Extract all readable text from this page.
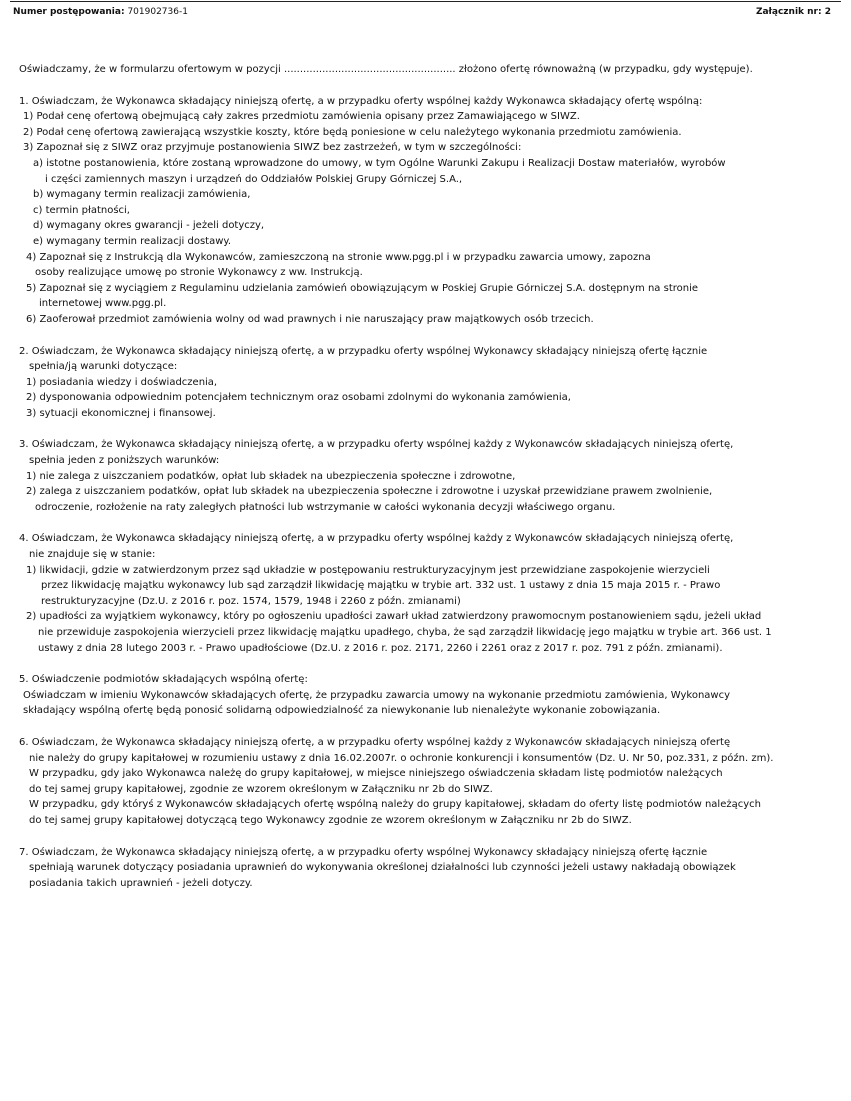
Numer postępowania: 701902736-1	Załącznik nr: 2
Oświadczamy, że w formularzu ofertowym w pozycji ...................................................... złożono ofertę równoważną (w przypadku, gdy występuje).
1. Oświadczam, że Wykonawca składający niniejszą ofertę, a w przypadku oferty wspólnej każdy Wykonawca składający ofertę wspólną:
1) Podał cenę ofertową obejmującą cały zakres przedmiotu zamówienia opisany przez Zamawiającego w SIWZ.
2) Podał cenę ofertową zawierającą wszystkie koszty, które będą poniesione w celu należytego wykonania przedmiotu zamówienia.
3) Zapoznał się z SIWZ oraz przyjmuje postanowienia SIWZ bez zastrzeżeń, w tym w szczególności:
a) istotne postanowienia, które zostaną wprowadzone do umowy, w tym Ogólne Warunki Zakupu i Realizacji Dostaw materiałów, wyrobów
i części zamiennych maszyn i urządzeń do Oddziałów Polskiej Grupy Górniczej S.A.,
b) wymagany termin realizacji zamówienia,
c) termin płatności,
d) wymagany okres gwarancji - jeżeli dotyczy,
e) wymagany termin realizacji dostawy.
4) Zapoznał się z Instrukcją dla Wykonawców, zamieszczoną na stronie www.pgg.pl i w przypadku zawarcia umowy, zapozna
osoby realizujące umowę po stronie Wykonawcy z ww. Instrukcją.
5) Zapoznał się z wyciągiem z Regulaminu udzielania zamówień obowiązującym w Poskiej Grupie Górniczej S.A. dostępnym na stronie
internetowej www.pgg.pl.
6) Zaoferował przedmiot zamówienia wolny od wad prawnych i nie naruszający praw majątkowych osób trzecich.
2. Oświadczam, że Wykonawca składający niniejszą ofertę, a w przypadku oferty wspólnej Wykonawcy składający niniejszą ofertę łącznie
spełnia/ją warunki dotyczące:
1) posiadania wiedzy i doświadczenia,
2) dysponowania odpowiednim potencjałem technicznym oraz osobami zdolnymi do wykonania zamówienia,
3) sytuacji ekonomicznej i finansowej.
3. Oświadczam, że Wykonawca składający niniejszą ofertę, a w przypadku oferty wspólnej każdy z Wykonawców składających niniejszą ofertę,
spełnia jeden z poniższych warunków:
1) nie zalega z uiszczaniem podatków, opłat lub składek na ubezpieczenia społeczne i zdrowotne,
2) zalega z uiszczaniem podatków, opłat lub składek na ubezpieczenia społeczne i zdrowotne i uzyskał przewidziane prawem zwolnienie,
odroczenie, rozłożenie na raty zaległych płatności lub wstrzymanie w całości wykonania decyzji właściwego organu.
4. Oświadczam, że Wykonawca składający niniejszą ofertę, a w przypadku oferty wspólnej każdy z Wykonawców składających niniejszą ofertę,
nie znajduje się w stanie:
1) likwidacji, gdzie w zatwierdzonym przez sąd układzie w postępowaniu restrukturyzacyjnym jest przewidziane zaspokojenie wierzycieli
przez likwidację majątku wykonawcy lub sąd zarządził likwidację majątku w trybie art. 332 ust. 1 ustawy z dnia 15 maja 2015 r. - Prawo
restrukturyzacyjne (Dz.U. z 2016 r. poz. 1574, 1579, 1948 i 2260 z późn. zmianami)
2) upadłości za wyjątkiem wykonawcy, który po ogłoszeniu upadłości zawarł układ zatwierdzony prawomocnym postanowieniem sądu, jeżeli układ
nie przewiduje zaspokojenia wierzycieli przez likwidację majątku upadłego, chyba, że sąd zarządził likwidację jego majątku w trybie art. 366 ust. 1
ustawy z dnia 28 lutego 2003 r. - Prawo upadłościowe (Dz.U. z 2016 r. poz. 2171, 2260 i 2261 oraz z 2017 r. poz. 791 z późn. zmianami).
5. Oświadczenie podmiotów składających wspólną ofertę:
Oświadczam w imieniu Wykonawców składających ofertę, że przypadku zawarcia umowy na wykonanie przedmiotu zamówienia, Wykonawcy
składający wspólną ofertę będą ponosić solidarną odpowiedzialność za niewykonanie lub nienależyte wykonanie zobowiązania.
6. Oświadczam, że Wykonawca składający niniejszą ofertę, a w przypadku oferty wspólnej każdy z Wykonawców składających niniejszą ofertę
nie należy do grupy kapitałowej w rozumieniu ustawy z dnia 16.02.2007r. o ochronie konkurencji i konsumentów (Dz. U. Nr 50, poz.331, z późn. zm).
W przypadku, gdy jako Wykonawca należę do grupy kapitałowej, w miejsce niniejszego oświadczenia składam listę podmiotów należących
do tej samej grupy kapitałowej, zgodnie ze wzorem określonym w Załączniku nr 2b do SIWZ.
W przypadku, gdy któryś z Wykonawców składających ofertę wspólną należy do grupy kapitałowej, składam do oferty listę podmiotów należących
do tej samej grupy kapitałowej dotyczącą tego Wykonawcy zgodnie ze wzorem określonym w Załączniku nr 2b do SIWZ.
7. Oświadczam, że Wykonawca składający niniejszą ofertę, a w przypadku oferty wspólnej Wykonawcy składający niniejszą ofertę łącznie
spełniają warunek dotyczący posiadania uprawnień do wykonywania określonej działalności lub czynności jeżeli ustawy nakładają obowiązek
posiadania takich uprawnień - jeżeli dotyczy.
